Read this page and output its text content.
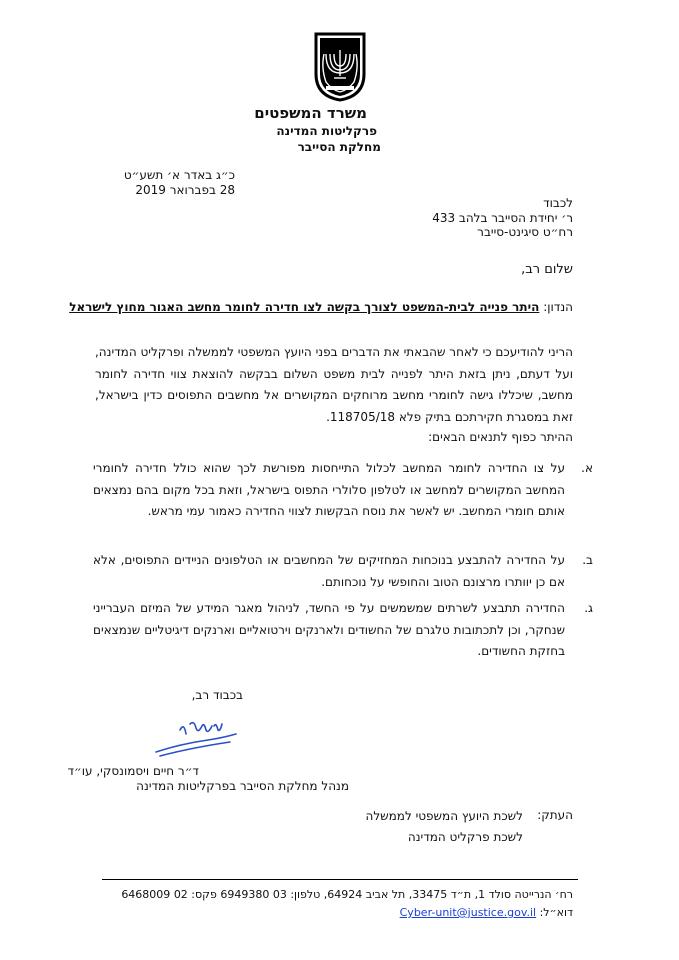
משרד המשפטים
פרקליטות המדינה
מחלקת הסייבר
כ״ג באדר א׳ תשע״ט
28 בפברואר 2019
לכבוד
ר׳ יחידת הסייבר בלהב 433
רח״ט סיגינט-סייבר
שלום רב,
הנדון: היתר פנייה לבית-המשפט לצורך בקשה לצו חדירה לחומר מחשב האגור מחוץ לישראל
הריני להודיעכם כי לאחר שהבאתי את הדברים בפני היועץ המשפטי לממשלה ופרקליט המדינה, ועל דעתם, ניתן בזאת היתר לפנייה לבית משפט השלום בבקשה להוצאת צווי חדירה לחומר מחשב, שיכללו גישה לחומרי מחשב מרוחקים המקושרים אל מחשבים התפוסים כדין בישראל, זאת במסגרת חקירתכם בתיק פלא 118705/18.
ההיתר כפוף לתנאים הבאים:
א.
על צו החדירה לחומר המחשב לכלול התייחסות מפורשת לכך שהוא כולל חדירה לחומרי המחשב המקושרים למחשב או לטלפון סלולרי התפוס בישראל, וזאת בכל מקום בהם נמצאים אותם חומרי המחשב. יש לאשר את נוסח הבקשות לצווי החדירה כאמור עמי מראש.
ב.
על החדירה להתבצע בנוכחות המחזיקים של המחשבים או הטלפונים הניידים התפוסים, אלא אם כן יוותרו מרצונם הטוב והחופשי על נוכחותם.
ג.
החדירה תתבצע לשרתים שמשמשים על פי החשד, לניהול מאגר המידע של המיזם העברייני שנחקר, וכן לתכתובות טלגרם של החשודים ולארנקים וירטואליים וארנקים דיגיטליים שנמצאים בחזקת החשודים.
בכבוד רב,
ד״ר חיים ויסמונסקי, עו״ד
מנהל מחלקת הסייבר בפרקליטות המדינה
העתק:
לשכת היועץ המשפטי לממשלה
לשכת פרקליט המדינה
רח׳ הנרייטה סולד 1, ת״ד 33475, תל אביב 64924, טלפון: 03 6949380 פקס: 02 6468009
דוא״ל: Cyber-unit@justice.gov.il
